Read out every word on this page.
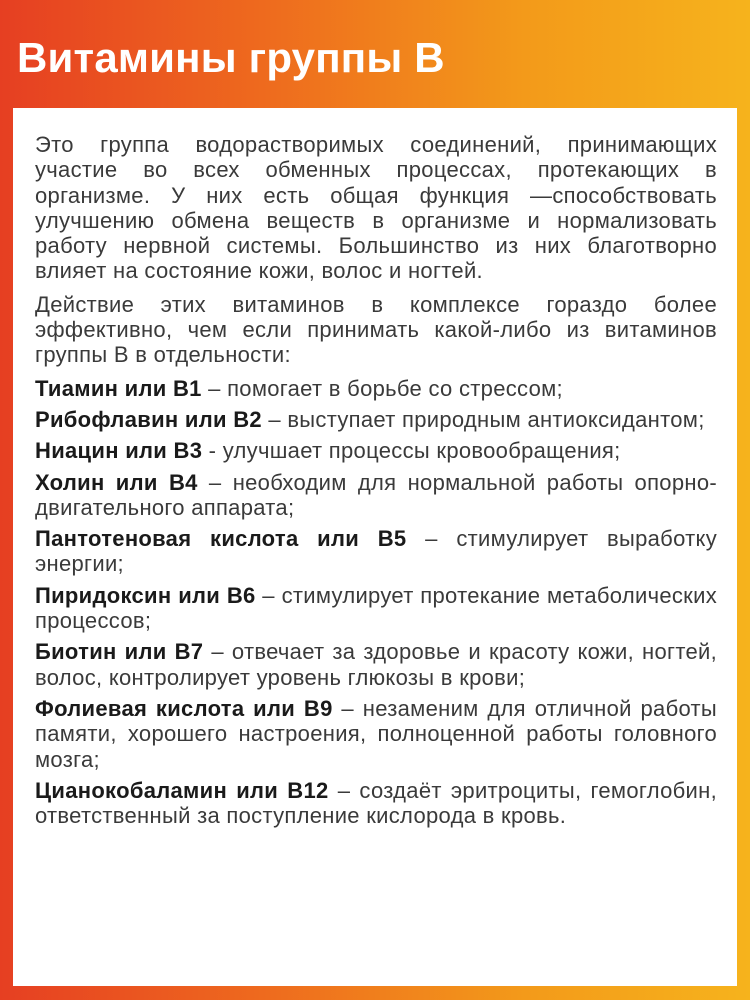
Витамины группы В

Это группа водорастворимых соединений, принимающих участие во всех обменных процессах, протекающих в организме. У них есть общая функция —способствовать улучшению обмена веществ в организме и нормализовать работу нервной системы. Большинство из них благотворно влияет на состояние кожи, волос и ногтей.

Действие этих витаминов в комплексе гораздо более эффективно, чем если принимать какой-либо из витаминов группы В в отдельности:

Тиамин или В1 – помогает в борьбе со стрессом;

Рибофлавин или В2 – выступает природным антиоксидантом;

Ниацин или В3 - улучшает процессы кровообращения;

Холин или В4 – необходим для нормальной работы опорно-двигательного аппарата;

Пантотеновая кислота или В5 – стимулирует выработку энергии;

Пиридоксин или В6 – стимулирует протекание метаболических процессов;

Биотин или В7 – отвечает за здоровье и красоту кожи, ногтей, волос, контролирует уровень глюкозы в крови;

Фолиевая кислота или В9 – незаменим для отличной работы памяти, хорошего настроения, полноценной работы головного мозга;

Цианокобаламин или В12 – создаёт эритроциты, гемоглобин, ответственный за поступление кислорода в кровь.
